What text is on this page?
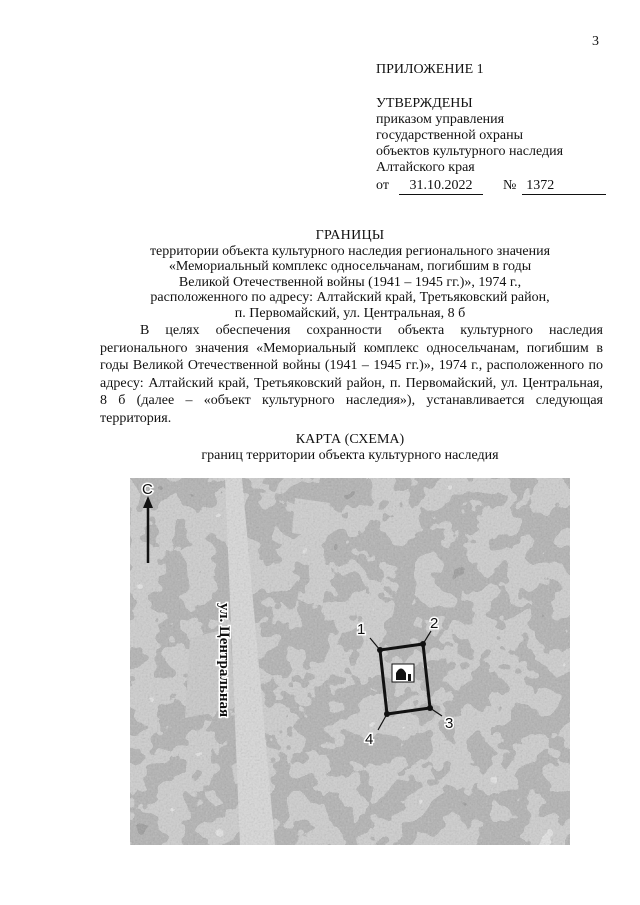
3
ПРИЛОЖЕНИЕ 1
УТВЕРЖДЕНЫ
приказом управления
государственной охраны
объектов культурного наследия
Алтайского края
от	31.10.2022	№ 1372
ГРАНИЦЫ
территории объекта культурного наследия регионального значения
«Мемориальный комплекс односельчанам, погибшим в годы
Великой Отечественной войны (1941 – 1945 гг.)», 1974 г.,
расположенного по адресу: Алтайский край, Третьяковский район,
п. Первомайский, ул. Центральная, 8 б
В целях обеспечения сохранности объекта культурного наследия регионального значения «Мемориальный комплекс односельчанам, погибшим в годы Великой Отечественной войны (1941 – 1945 гг.)», 1974 г., расположенного по адресу: Алтайский край, Третьяковский район, п. Первомайский, ул. Центральная, 8 б (далее – «объект культурного наследия»), устанавливается следующая территория.
КАРТА (СХЕМА)
границ территории объекта культурного наследия
С
ул. Центральная	1	2
3
4
